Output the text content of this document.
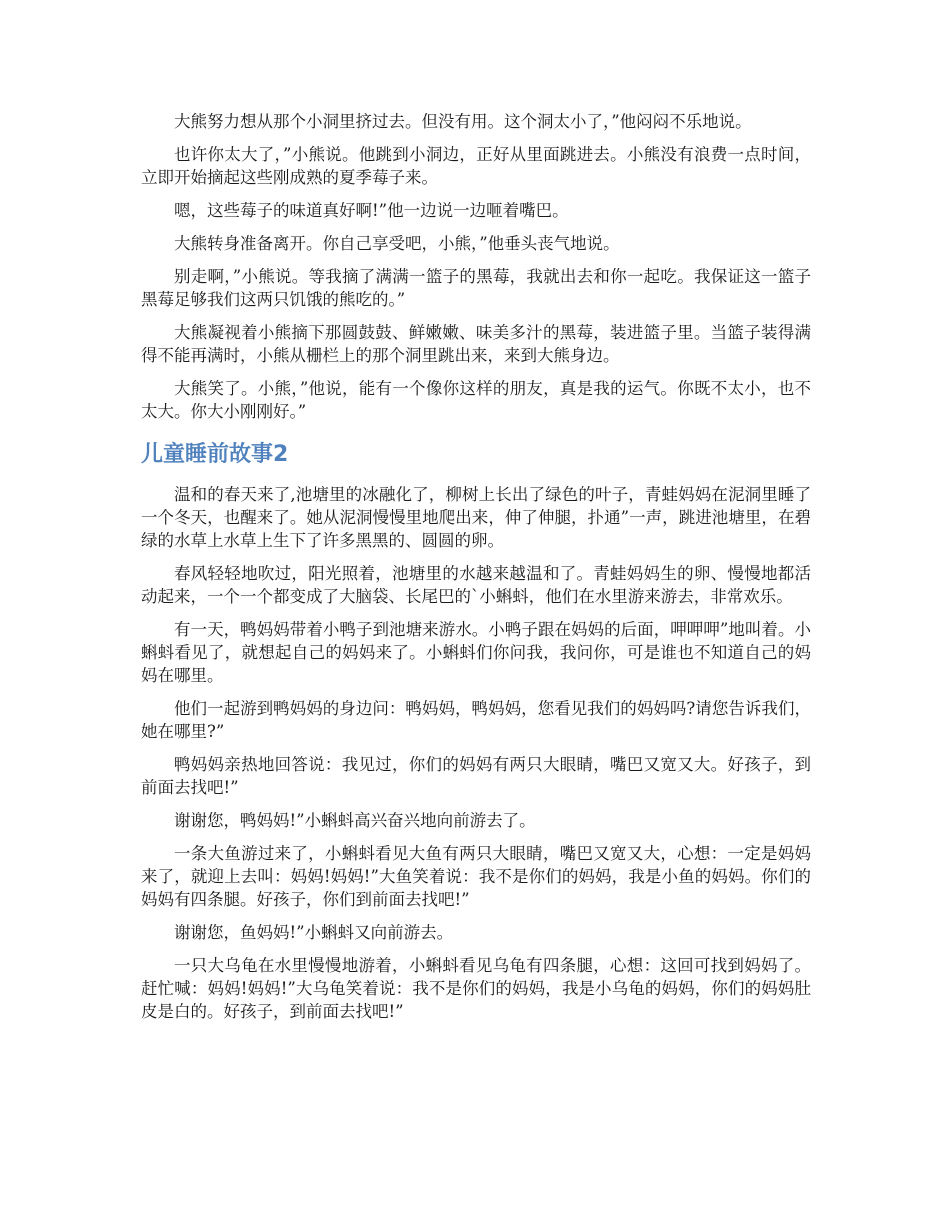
大熊努力想从那个小洞里挤过去。但没有用。这个洞太小了，”他闷闷不乐地说。

也许你太大了，”小熊说。他跳到小洞边，正好从里面跳进去。小熊没有浪费一点时间，立即开始摘起这些刚成熟的夏季莓子来。

嗯，这些莓子的味道真好啊!”他一边说一边咂着嘴巴。

大熊转身准备离开。你自己享受吧，小熊，”他垂头丧气地说。

别走啊，”小熊说。等我摘了满满一篮子的黑莓，我就出去和你一起吃。我保证这一篮子黑莓足够我们这两只饥饿的熊吃的。”

大熊凝视着小熊摘下那圆鼓鼓、鲜嫩嫩、味美多汁的黑莓，装进篮子里。当篮子装得满得不能再满时，小熊从栅栏上的那个洞里跳出来，来到大熊身边。

大熊笑了。小熊，”他说，能有一个像你这样的朋友，真是我的运气。你既不太小，也不太大。你大小刚刚好。”

儿童睡前故事2

温和的春天来了,池塘里的冰融化了，柳树上长出了绿色的叶子，青蛙妈妈在泥洞里睡了一个冬天，也醒来了。她从泥洞慢慢里地爬出来，伸了伸腿，扑通”一声，跳进池塘里，在碧绿的水草上水草上生下了许多黑黑的、圆圆的卵。

春风轻轻地吹过，阳光照着，池塘里的水越来越温和了。青蛙妈妈生的卵、慢慢地都活动起来，一个一个都变成了大脑袋、长尾巴的`小蝌蚪，他们在水里游来游去，非常欢乐。

有一天，鸭妈妈带着小鸭子到池塘来游水。小鸭子跟在妈妈的后面，呷呷呷”地叫着。小蝌蚪看见了，就想起自己的妈妈来了。小蝌蚪们你问我，我问你，可是谁也不知道自己的妈妈在哪里。

他们一起游到鸭妈妈的身边问：鸭妈妈，鸭妈妈，您看见我们的妈妈吗?请您告诉我们，她在哪里?”

鸭妈妈亲热地回答说：我见过，你们的妈妈有两只大眼睛，嘴巴又宽又大。好孩子，到前面去找吧!”

谢谢您，鸭妈妈!”小蝌蚪高兴奋兴地向前游去了。

一条大鱼游过来了，小蝌蚪看见大鱼有两只大眼睛，嘴巴又宽又大，心想：一定是妈妈来了，就迎上去叫：妈妈!妈妈!”大鱼笑着说：我不是你们的妈妈，我是小鱼的妈妈。你们的妈妈有四条腿。好孩子，你们到前面去找吧!”

谢谢您，鱼妈妈!”小蝌蚪又向前游去。

一只大乌龟在水里慢慢地游着，小蝌蚪看见乌龟有四条腿，心想：这回可找到妈妈了。赶忙喊：妈妈!妈妈!”大乌龟笑着说：我不是你们的妈妈，我是小乌龟的妈妈，你们的妈妈肚皮是白的。好孩子，到前面去找吧!”
